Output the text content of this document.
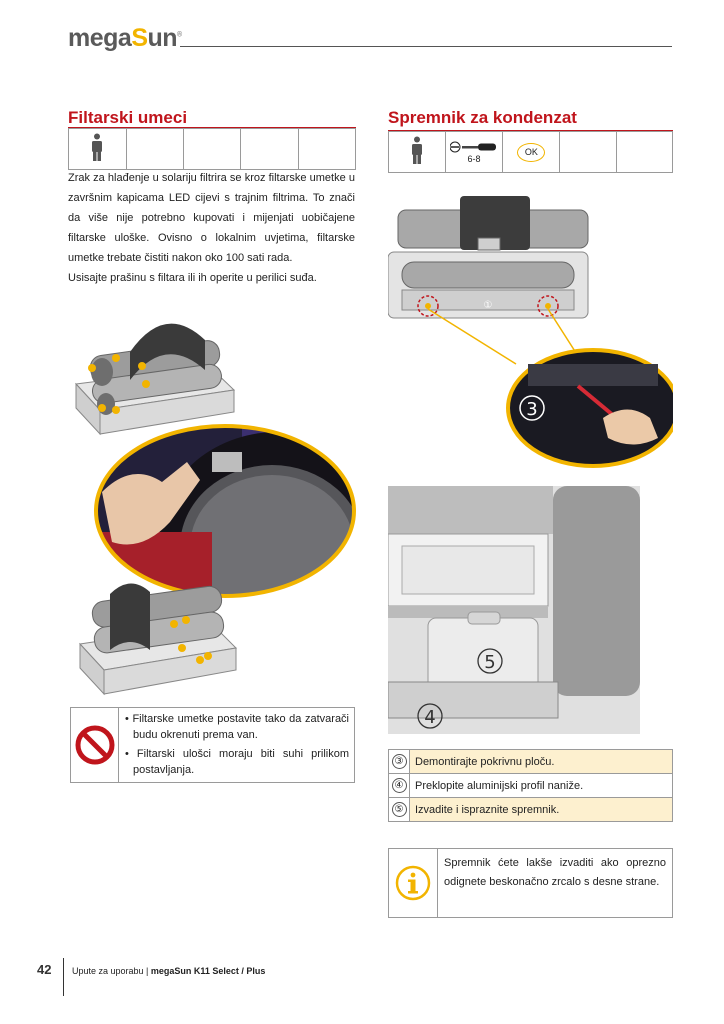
megaSun®
Filtarski umeci

Zrak za hlađenje u solariju filtrira se kroz filtarske umetke u završnim kapicama LED cijevi s trajnim filtrima. To znači da više nije potrebno kupovati i mijenjati uobičajene filtarske uloške. Ovisno o lokalnim uvjetima, filtarske umetke trebate čistiti nakon oko 100 sati rada.

Usisajte prašinu s filtara ili ih operite u perilici suđa.

• Filtarske umetke postavite tako da zatvarači budu okrenuti prema van.
• Filtarski ulošci moraju biti suhi prilikom postavljanja.
Spremnik za kondenzat

6-8
	OK		
①
3
5
4
③	Demontirajte pokrivnu ploču.
④	Preklopite aluminijski profil naniže.
⑤	Izvadite i ispraznite spremnik.

Spremnik ćete lakše izvaditi ako oprezno odignete beskonačno zrcalo s desne strane.

42 Upute za uporabu | megaSun K11 Select / Plus
